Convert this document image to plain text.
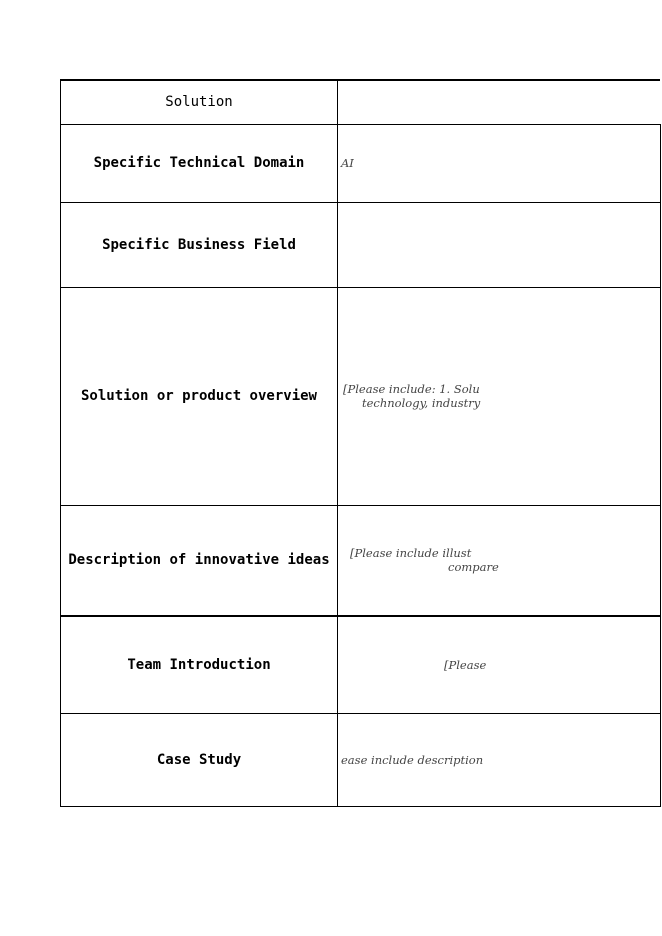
Solution	
Specific Technical Domain	AI
Specific Business Field	
Solution or product overview	[Please include: 1. Solu
technology, industry

Description of innovative ideas	[Please include illust
compare

Team Introduction	[Please
Case Study	ease include description
